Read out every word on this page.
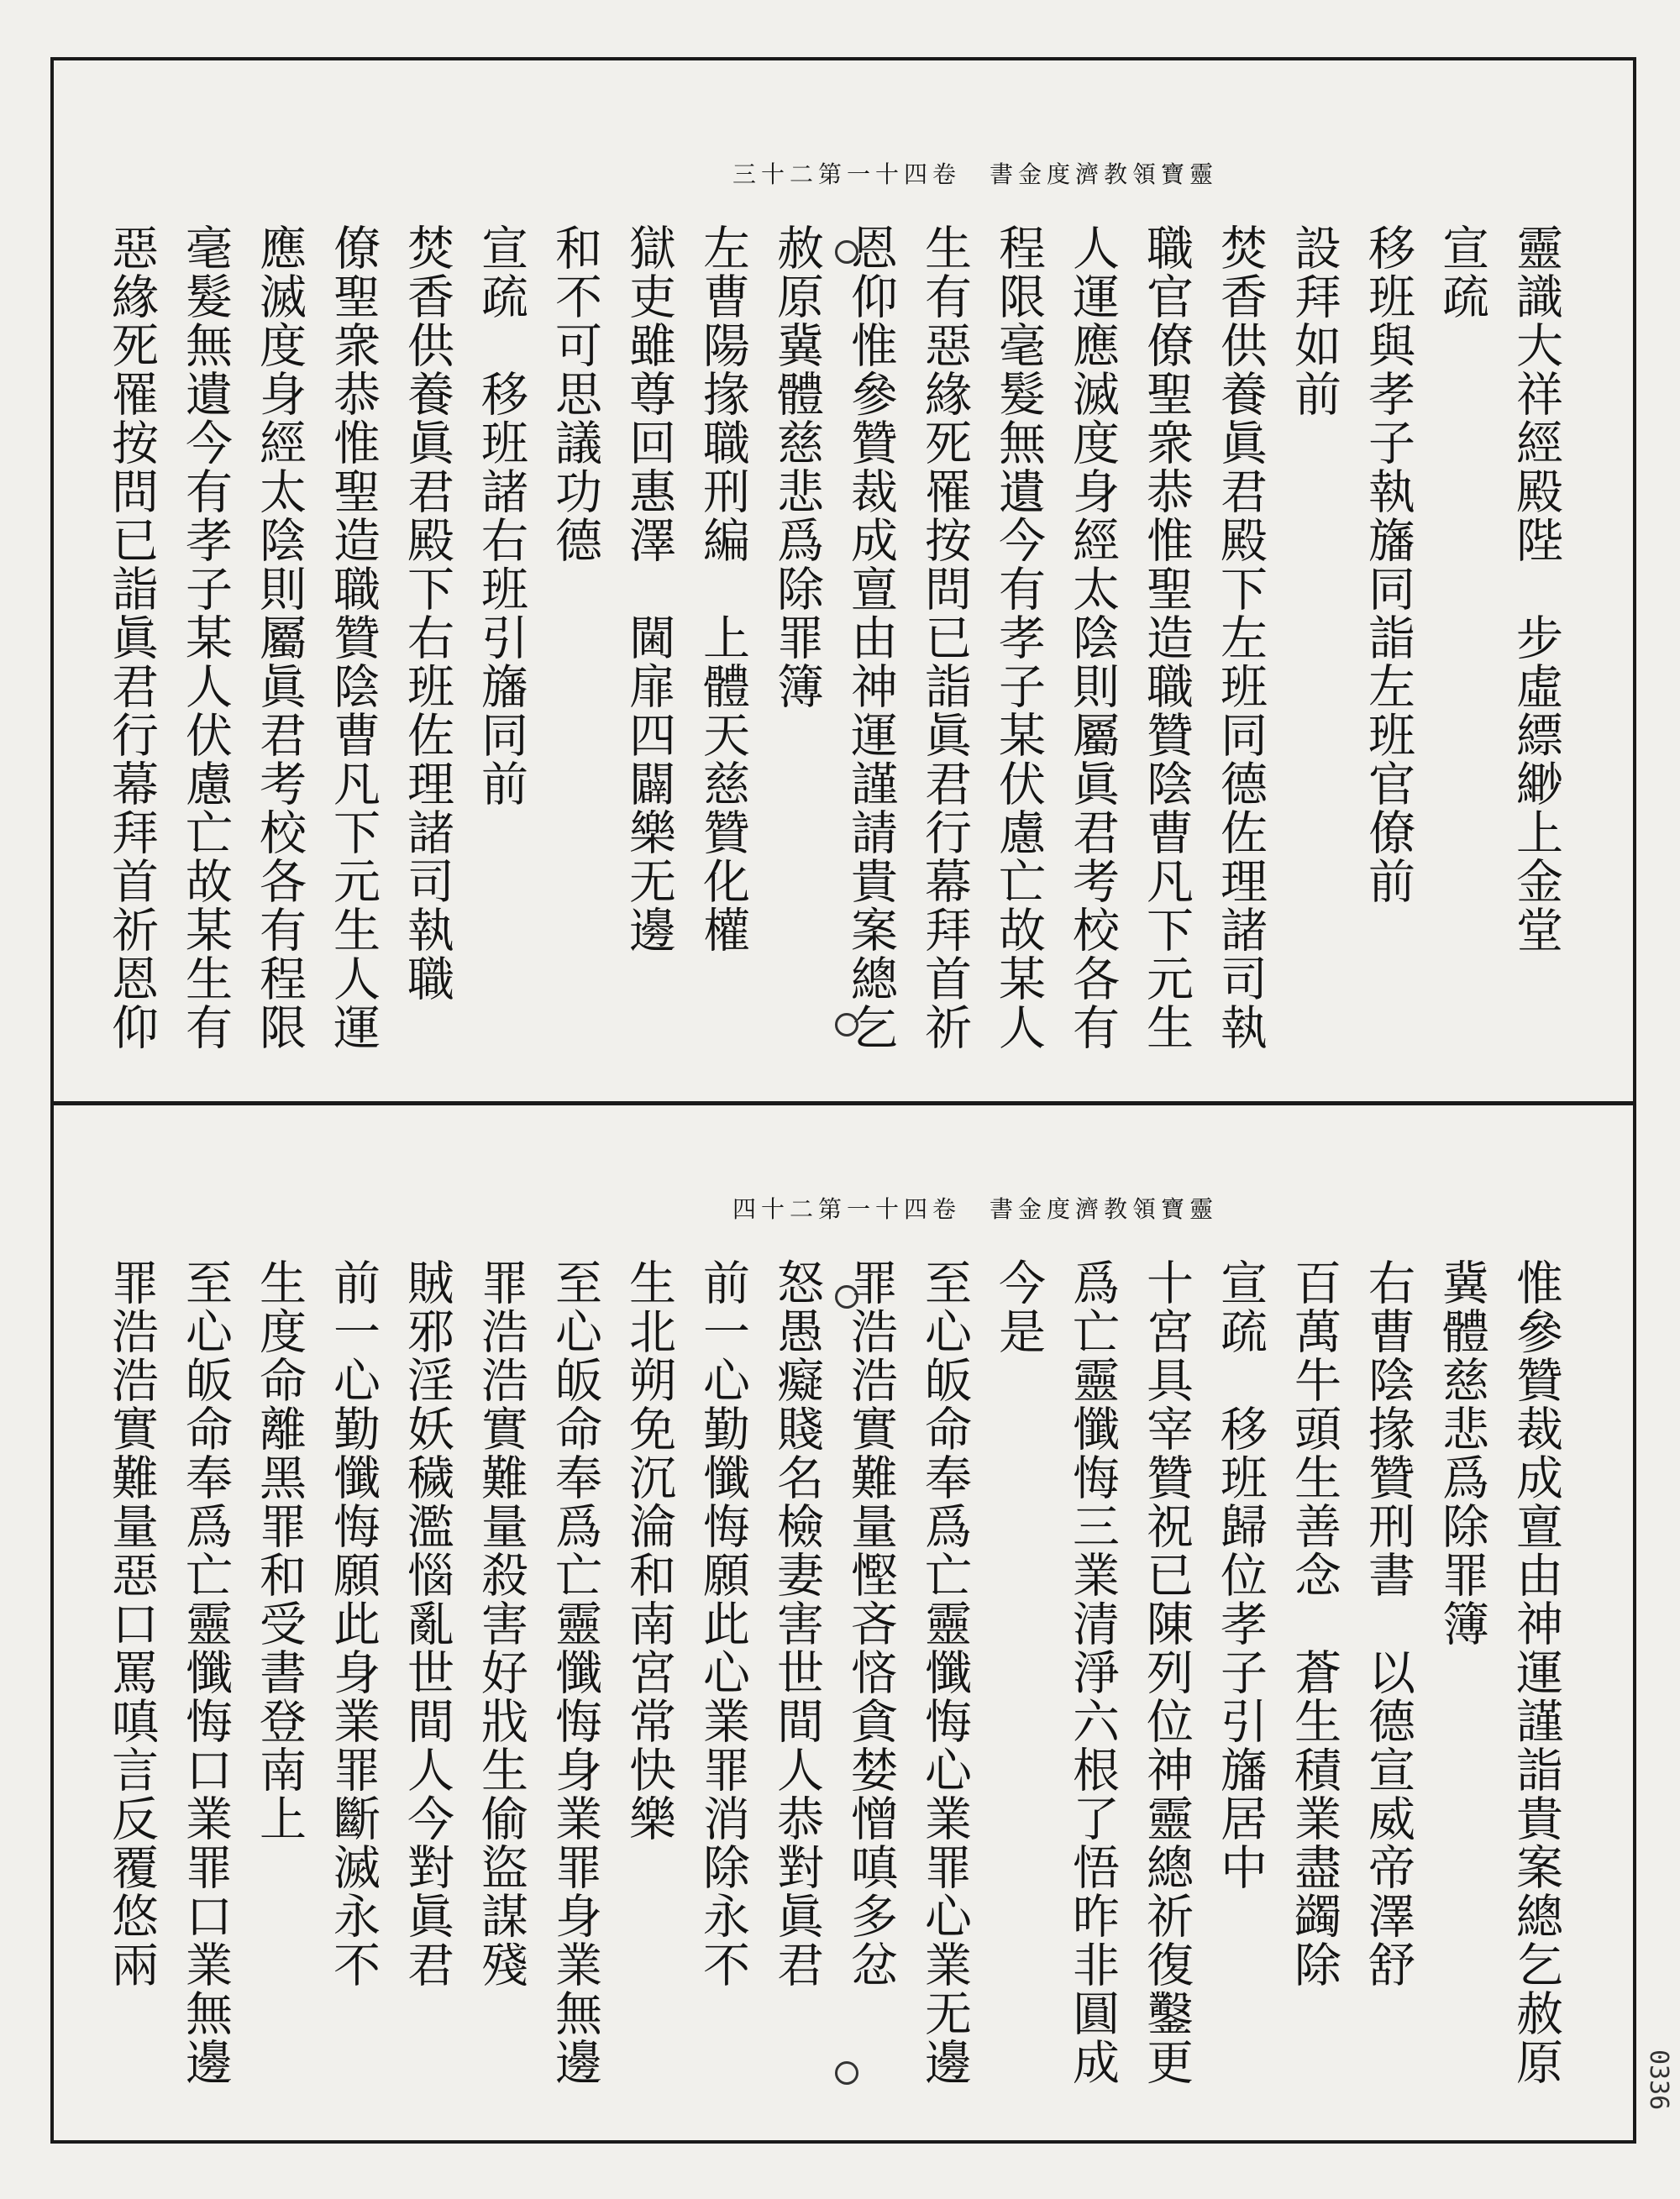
三十二第一十四卷　書金度濟教領寶靈
靈識大祥經殿陛　步虛縹緲上金堂
宣疏
移班與孝子執旛同詣左班官僚前
設拜如前
焚香供養眞君殿下左班同德佐理諸司執
職官僚聖衆恭惟聖造職贊陰曹凡下元生
人運應滅度身經太陰則屬眞君考校各有
程限毫髮無遺今有孝子某伏慮亡故某人
生有惡緣死罹按問已詣眞君行幕拜首祈
恩仰惟參贊裁成亶由神運謹請貴案總乞
赦原冀體慈悲爲除罪簿
左曹陽掾職刑編　上體天慈贊化權
獄吏雖尊回惠澤　閫扉四闢樂无邊
和不可思議功德
宣疏　移班諸右班引旛同前
焚香供養眞君殿下右班佐理諸司執職
僚聖衆恭惟聖造職贊陰曹凡下元生人運
應滅度身經太陰則屬眞君考校各有程限
毫髮無遺今有孝子某人伏慮亡故某生有
惡緣死罹按問已詣眞君行幕拜首祈恩仰
四十二第一十四卷　書金度濟教領寶靈
惟參贊裁成亶由神運謹詣貴案總乞赦原
冀體慈悲爲除罪簿
右曹陰掾贊刑書　以德宣威帝澤舒
百萬牛頭生善念　蒼生積業盡蠲除
宣疏　移班歸位孝子引旛居中
十宮具宰贊祝已陳列位神靈總祈復鑿更
爲亡靈懺悔三業清淨六根了悟昨非圓成
今是
至心皈命奉爲亡靈懺悔心業罪心業无邊
罪浩浩實難量慳吝悋貪婪憎嗔多忿
怒愚癡賤名檢妻害世間人恭對眞君
前一心勤懺悔願此心業罪消除永不
生北朔免沉淪和南宮常快樂
至心皈命奉爲亡靈懺悔身業罪身業無邊
罪浩浩實難量殺害好戕生偷盜謀殘
賊邪淫妖穢濫惱亂世間人今對眞君
前一心勤懺悔願此身業罪斷滅永不
生度命離黑罪和受書登南上
至心皈命奉爲亡靈懺悔口業罪口業無邊
罪浩浩實難量惡口罵嗔言反覆悠兩
0336
